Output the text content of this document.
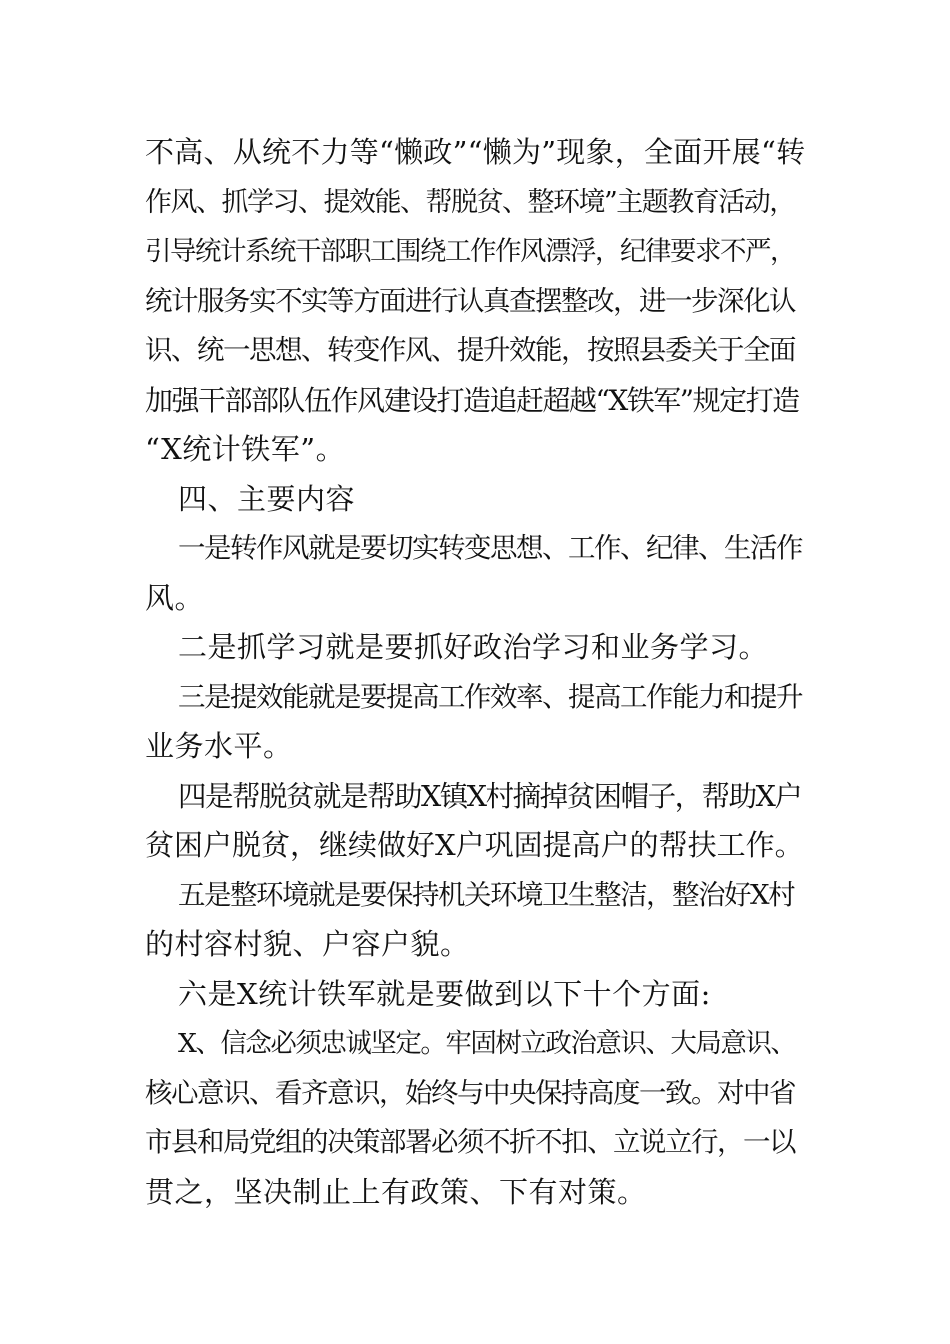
不高、从统不力等“懒政”“懒为”现象，全面开展“转

作风、抓学习、提效能、帮脱贫、整环境”主题教育活动，

引导统计系统干部职工围绕工作作风漂浮，纪律要求不严，

统计服务实不实等方面进行认真查摆整改，进一步深化认

识、统一思想、转变作风、提升效能，按照县委关于全面

加强干部部队伍作风建设打造追赶超越“X铁军”规定打造

“X统计铁军”。

四、主要内容

一是转作风就是要切实转变思想、工作、纪律、生活作

风。

二是抓学习就是要抓好政治学习和业务学习。

三是提效能就是要提高工作效率、提高工作能力和提升

业务水平。

四是帮脱贫就是帮助X镇X村摘掉贫困帽子，帮助X户

贫困户脱贫，继续做好X户巩固提高户的帮扶工作。

五是整环境就是要保持机关环境卫生整洁，整治好X村

的村容村貌、户容户貌。

六是X统计铁军就是要做到以下十个方面:

X、信念必须忠诚坚定。牢固树立政治意识、大局意识、

核心意识、看齐意识，始终与中央保持高度一致。对中省

市县和局党组的决策部署必须不折不扣、立说立行，一以

贯之，坚决制止上有政策、下有对策。
